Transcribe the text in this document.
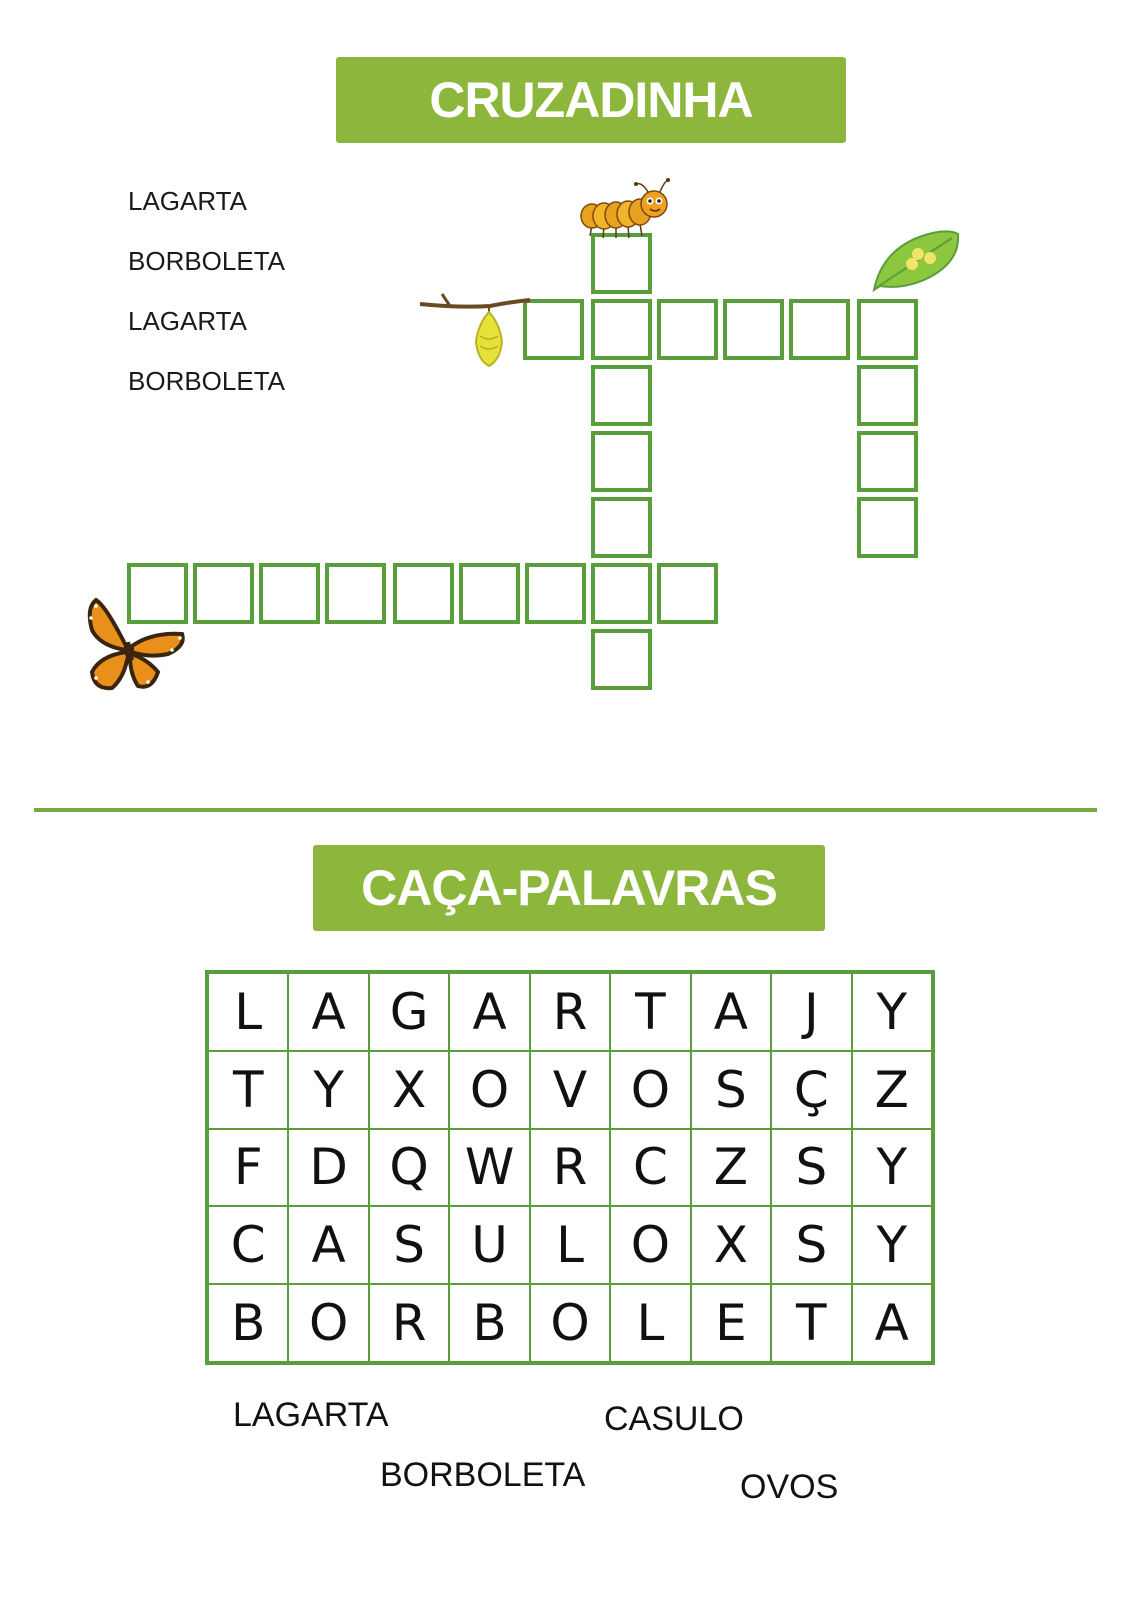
CRUZADINHA
LAGARTA
BORBOLETA
LAGARTA
BORBOLETA
CAÇA-PALAVRAS
L A G A R T A	J	Y
T Y X O V O S Ç Z
F D Q W R C Z S Y
C A S U L O X S Y
B O R B O L	E T A
LAGARTA	CASULO
BORBOLETA	OVOS
